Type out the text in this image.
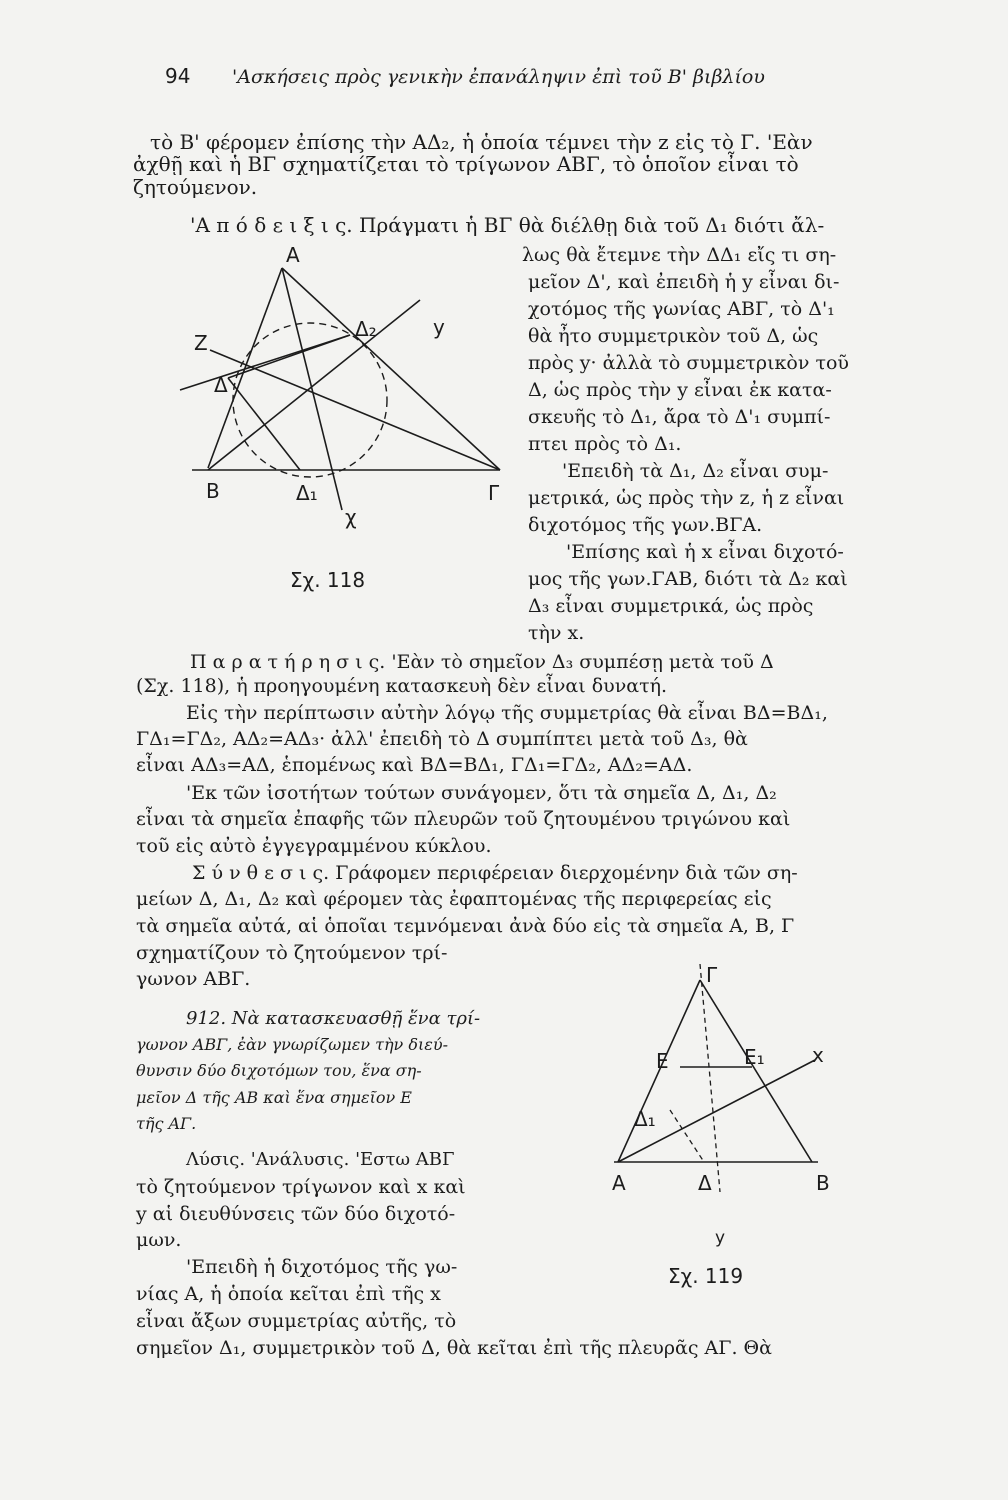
94 'Ασκήσεις πρὸς γενικὴν ἐπανάληψιν ἐπὶ τοῦ Β' βιβλίου
τὸ Β' φέρομεν ἐπίσης τὴν ΑΔ₂, ἡ ὁποία τέμνει τὴν z εἰς τὸ Γ. 'Εὰν
ἀχθῇ καὶ ἡ ΒΓ σχηματίζεται τὸ τρίγωνον ΑΒΓ, τὸ ὁποῖον εἶναι τὸ
ζητούμενον.
'Α π ό δ ε ι ξ ι ς. Πράγματι ἡ ΒΓ θὰ διέλθῃ διὰ τοῦ Δ₁ διότι ἄλ-
A
Z
Δ
Δ₂	y
B	Δ₁
χ
Γ
Σχ. 118
λως θὰ ἔτεμνε τὴν ΔΔ₁ εἴς τι ση-
μεῖον Δ', καὶ ἐπειδὴ ἡ y εἶναι δι-
χοτόμος τῆς γωνίας ΑΒΓ, τὸ Δ'₁
θὰ ἦτο συμμετρικὸν τοῦ Δ, ὡς
πρὸς y· ἀλλὰ τὸ συμμετρικὸν τοῦ
Δ, ὡς πρὸς τὴν y εἶναι ἐκ κατα-
σκευῆς τὸ Δ₁, ἄρα τὸ Δ'₁ συμπί-
πτει πρὸς τὸ Δ₁.
'Επειδὴ τὰ Δ₁, Δ₂ εἶναι συμ-
μετρικά, ὡς πρὸς τὴν z, ἡ z εἶναι
διχοτόμος τῆς γων.ΒΓΑ.
'Επίσης καὶ ἡ x εἶναι διχοτό-
μος τῆς γων.ΓΑΒ, διότι τὰ Δ₂ καὶ
Δ₃ εἶναι συμμετρικά, ὡς πρὸς
τὴν x.
Π α ρ α τ ή ρ η σ ι ς. 'Εὰν τὸ σημεῖον Δ₃ συμπέσῃ μετὰ τοῦ Δ
(Σχ. 118), ἡ προηγουμένη κατασκευὴ δὲν εἶναι δυνατή.
Εἰς τὴν περίπτωσιν αὐτὴν λόγῳ τῆς συμμετρίας θὰ εἶναι ΒΔ=ΒΔ₁,
ΓΔ₁=ΓΔ₂, ΑΔ₂=ΑΔ₃· ἀλλ' ἐπειδὴ τὸ Δ συμπίπτει μετὰ τοῦ Δ₃, θὰ
εἶναι ΑΔ₃=ΑΔ, ἑπομένως καὶ ΒΔ=ΒΔ₁, ΓΔ₁=ΓΔ₂, ΑΔ₂=ΑΔ.
'Εκ τῶν ἰσοτήτων τούτων συνάγομεν, ὅτι τὰ σημεῖα Δ, Δ₁, Δ₂
εἶναι τὰ σημεῖα ἐπαφῆς τῶν πλευρῶν τοῦ ζητουμένου τριγώνου καὶ
τοῦ εἰς αὐτὸ ἐγγεγραμμένου κύκλου.
Σ ύ ν θ ε σ ι ς. Γράφομεν περιφέρειαν διερχομένην διὰ τῶν ση-
μείων Δ, Δ₁, Δ₂ καὶ φέρομεν τὰς ἐφαπτομένας τῆς περιφερείας εἰς
τὰ σημεῖα αὐτά, αἱ ὁποῖαι τεμνόμεναι ἀνὰ δύο εἰς τὰ σημεῖα Α, Β, Γ
σχηματίζουν τὸ ζητούμενον τρί-
γωνον ΑΒΓ.
912. Νὰ κατασκευασθῇ ἕνα τρί-
γωνον ΑΒΓ, ἐὰν γνωρίζωμεν τὴν διεύ-
θυνσιν δύο διχοτόμων του, ἕνα ση-
μεῖον Δ τῆς ΑΒ καὶ ἕνα σημεῖον Ε
τῆς ΑΓ.
Λύσις. 'Ανάλυσις. 'Εστω ΑΒΓ
τὸ ζητούμενον τρίγωνον καὶ x καὶ
y αἱ διευθύνσεις τῶν δύο διχοτό-
μων.
'Επειδὴ ἡ διχοτόμος τῆς γω-
νίας Α, ἡ ὁποία κεῖται ἐπὶ τῆς x
εἶναι ἄξων συμμετρίας αὐτῆς, τὸ
σημεῖον Δ₁, συμμετρικὸν τοῦ Δ, θὰ κεῖται ἐπὶ τῆς πλευρᾶς ΑΓ. Θὰ
Γ
E	E₁ x
Δ₁
A	Δ	B
y
Σχ. 119
